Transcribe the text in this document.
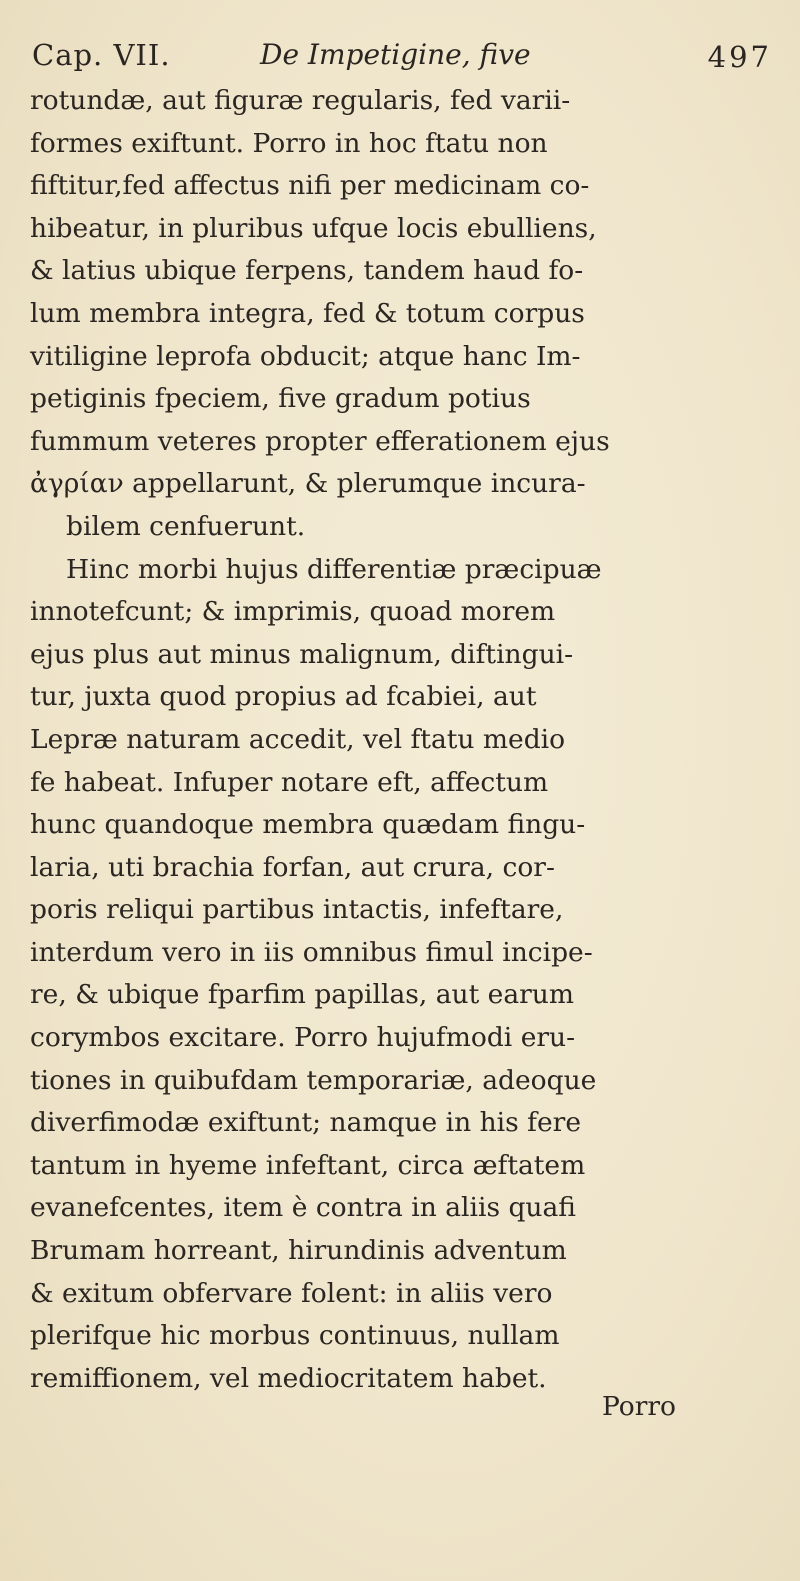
Cap. VII.	De Impetigine, five	497
rotundæ, aut figuræ regularis, fed varii-
formes exiftunt. Porro in hoc ftatu non
fiftitur,fed affectus nifi per medicinam co-
hibeatur, in pluribus ufque locis ebulliens,
& latius ubique ferpens, tandem haud fo-
lum membra integra, fed & totum corpus
vitiligine leprofa obducit; atque hanc Im-
petiginis fpeciem, five gradum potius
fummum veteres propter efferationem ejus
ἀγρίαν appellarunt, & plerumque incura-
bilem cenfuerunt.
Hinc morbi hujus differentiæ præcipuæ
innotefcunt; & imprimis, quoad morem
ejus plus aut minus malignum, diftingui-
tur, juxta quod propius ad fcabiei, aut
Lepræ naturam accedit, vel ftatu medio
fe habeat. Infuper notare eft, affectum
hunc quandoque membra quædam fingu-
laria, uti brachia forfan, aut crura, cor-
poris reliqui partibus intactis, infeftare,
interdum vero in iis omnibus fimul incipe-
re, & ubique fparfim papillas, aut earum
corymbos excitare. Porro hujufmodi eru-
tiones in quibufdam temporariæ, adeoque
diverfimodæ exiftunt; namque in his fere
tantum in hyeme infeftant, circa æftatem
evanefcentes, item è contra in aliis quafi
Brumam horreant, hirundinis adventum
& exitum obfervare folent: in aliis vero
plerifque hic morbus continuus, nullam
remiffionem, vel mediocritatem habet.
Porro
